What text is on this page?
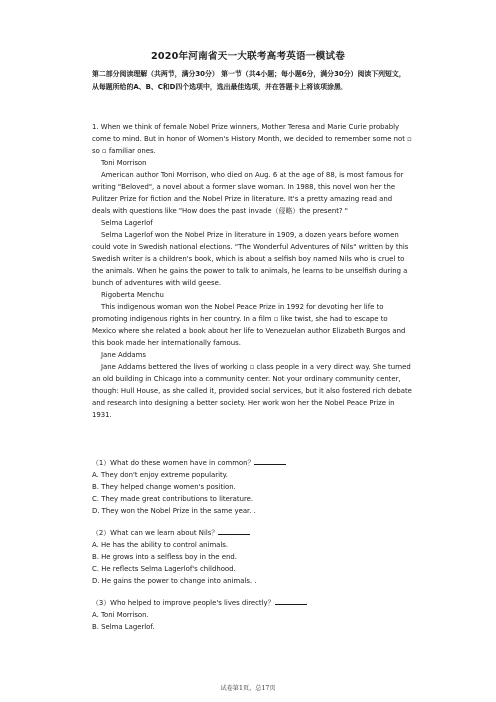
2020年河南省天一大联考高考英语一模试卷
第二部分阅读理解（共两节，满分30分） 第一节（共4小题；每小题6分，满分30分）阅读下列短文，从每题所给的A、B、C和D四个选项中，选出最佳选项，并在答题卡上将该项涂黑．

1. When we think of female Nobel Prize winners, Mother Teresa and Marie Curie probably come to mind. But in honor of Women's History Month, we decided to remember some not ▫ so ▫ familiar ones.

Toni Morrison

American author Toni Morrison, who died on Aug. 6 at the age of 88, is most famous for writing "Beloved", a novel about a former slave woman. In 1988, this novel won her the Pulitzer Prize for fiction and the Nobel Prize in literature. It's a pretty amazing read and deals with questions like "How does the past invade（侵略）the present? "

Selma Lagerlof

Selma Lagerlof won the Nobel Prize in literature in 1909, a dozen years before women could vote in Swedish national elections. "The Wonderful Adventures of Nils" written by this Swedish writer is a children's book, which is about a selfish boy named Nils who is cruel to the animals. When he gains the power to talk to animals, he learns to be unselfish during a bunch of adventures with wild geese.

Rigoberta Menchu

This indigenous woman won the Nobel Peace Prize in 1992 for devoting her life to promoting indigenous rights in her country. In a film ▫ like twist, she had to escape to Mexico where she related a book about her life to Venezuelan author Elizabeth Burgos and this book made her internationally famous.

Jane Addams

Jane Addams bettered the lives of working ▫ class people in a very direct way. She turned an old building in Chicago into a community center. Not your ordinary community center, though: Hull House, as she called it, provided social services, but it also fostered rich debate and research into designing a better society. Her work won her the Nobel Peace Prize in 1931.

（1）What do these women have in common？

A. They don't enjoy extreme popularity.

B. They helped change women's position.

C. They made great contributions to literature.

D. They won the Nobel Prize in the same year. .

（2）What can we learn about Nils？

A. He has the ability to control animals.

B. He grows into a selfless boy in the end.

C. He reflects Selma Lagerlof's childhood.

D. He gains the power to change into animals. .

（3）Who helped to improve people's lives directly？

A. Toni Morrison.

B. Selma Lagerlof.

试卷第1页，总17页
